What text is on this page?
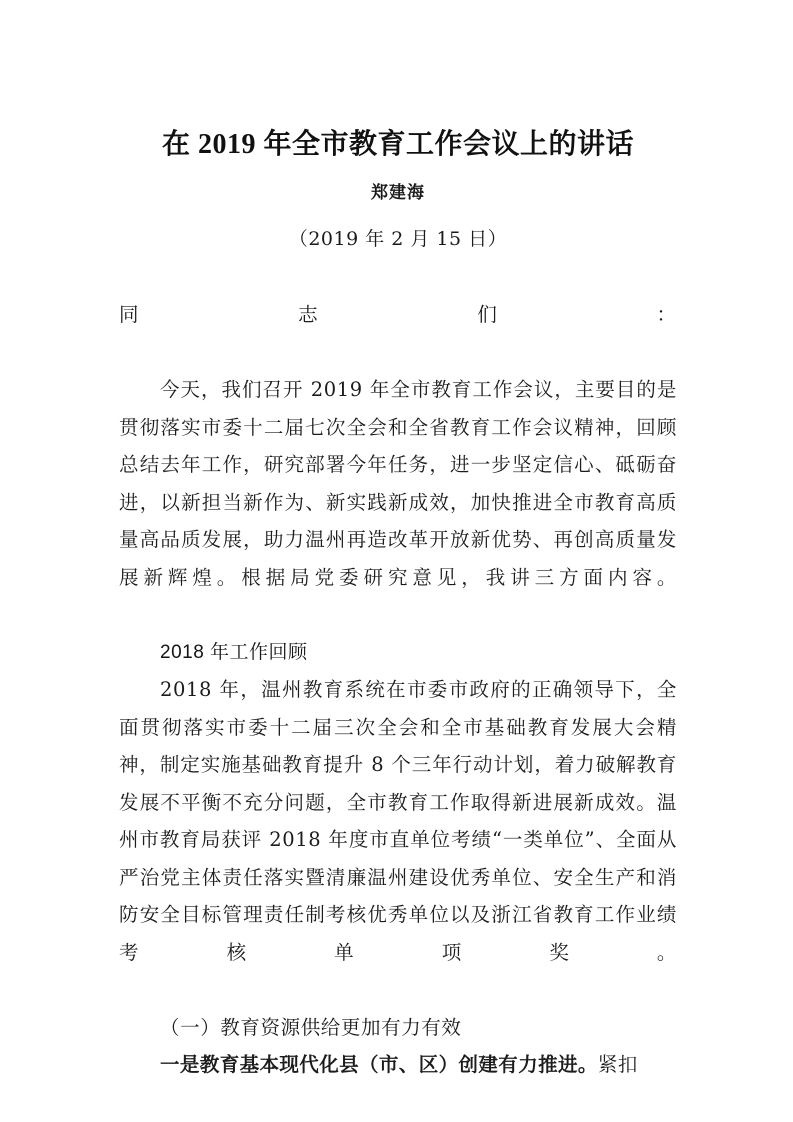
在 2019 年全市教育工作会议上的讲话
郑建海
（2019 年 2 月 15 日）

同志们：

今天，我们召开 2019 年全市教育工作会议，主要目的是贯彻落实市委十二届七次全会和全省教育工作会议精神，回顾总结去年工作，研究部署今年任务，进一步坚定信心、砥砺奋进，以新担当新作为、新实践新成效，加快推进全市教育高质量高品质发展，助力温州再造改革开放新优势、再创高质量发展新辉煌。根据局党委研究意见，我讲三方面内容。

2018 年工作回顾

2018 年，温州教育系统在市委市政府的正确领导下，全面贯彻落实市委十二届三次全会和全市基础教育发展大会精神，制定实施基础教育提升 8 个三年行动计划，着力破解教育发展不平衡不充分问题，全市教育工作取得新进展新成效。温州市教育局获评 2018 年度市直单位考绩“一类单位”、全面从严治党主体责任落实暨清廉温州建设优秀单位、安全生产和消防安全目标管理责任制考核优秀单位以及浙江省教育工作业绩考核单项奖。

（一）教育资源供给更加有力有效

一是教育基本现代化县（市、区）创建有力推进。紧扣
